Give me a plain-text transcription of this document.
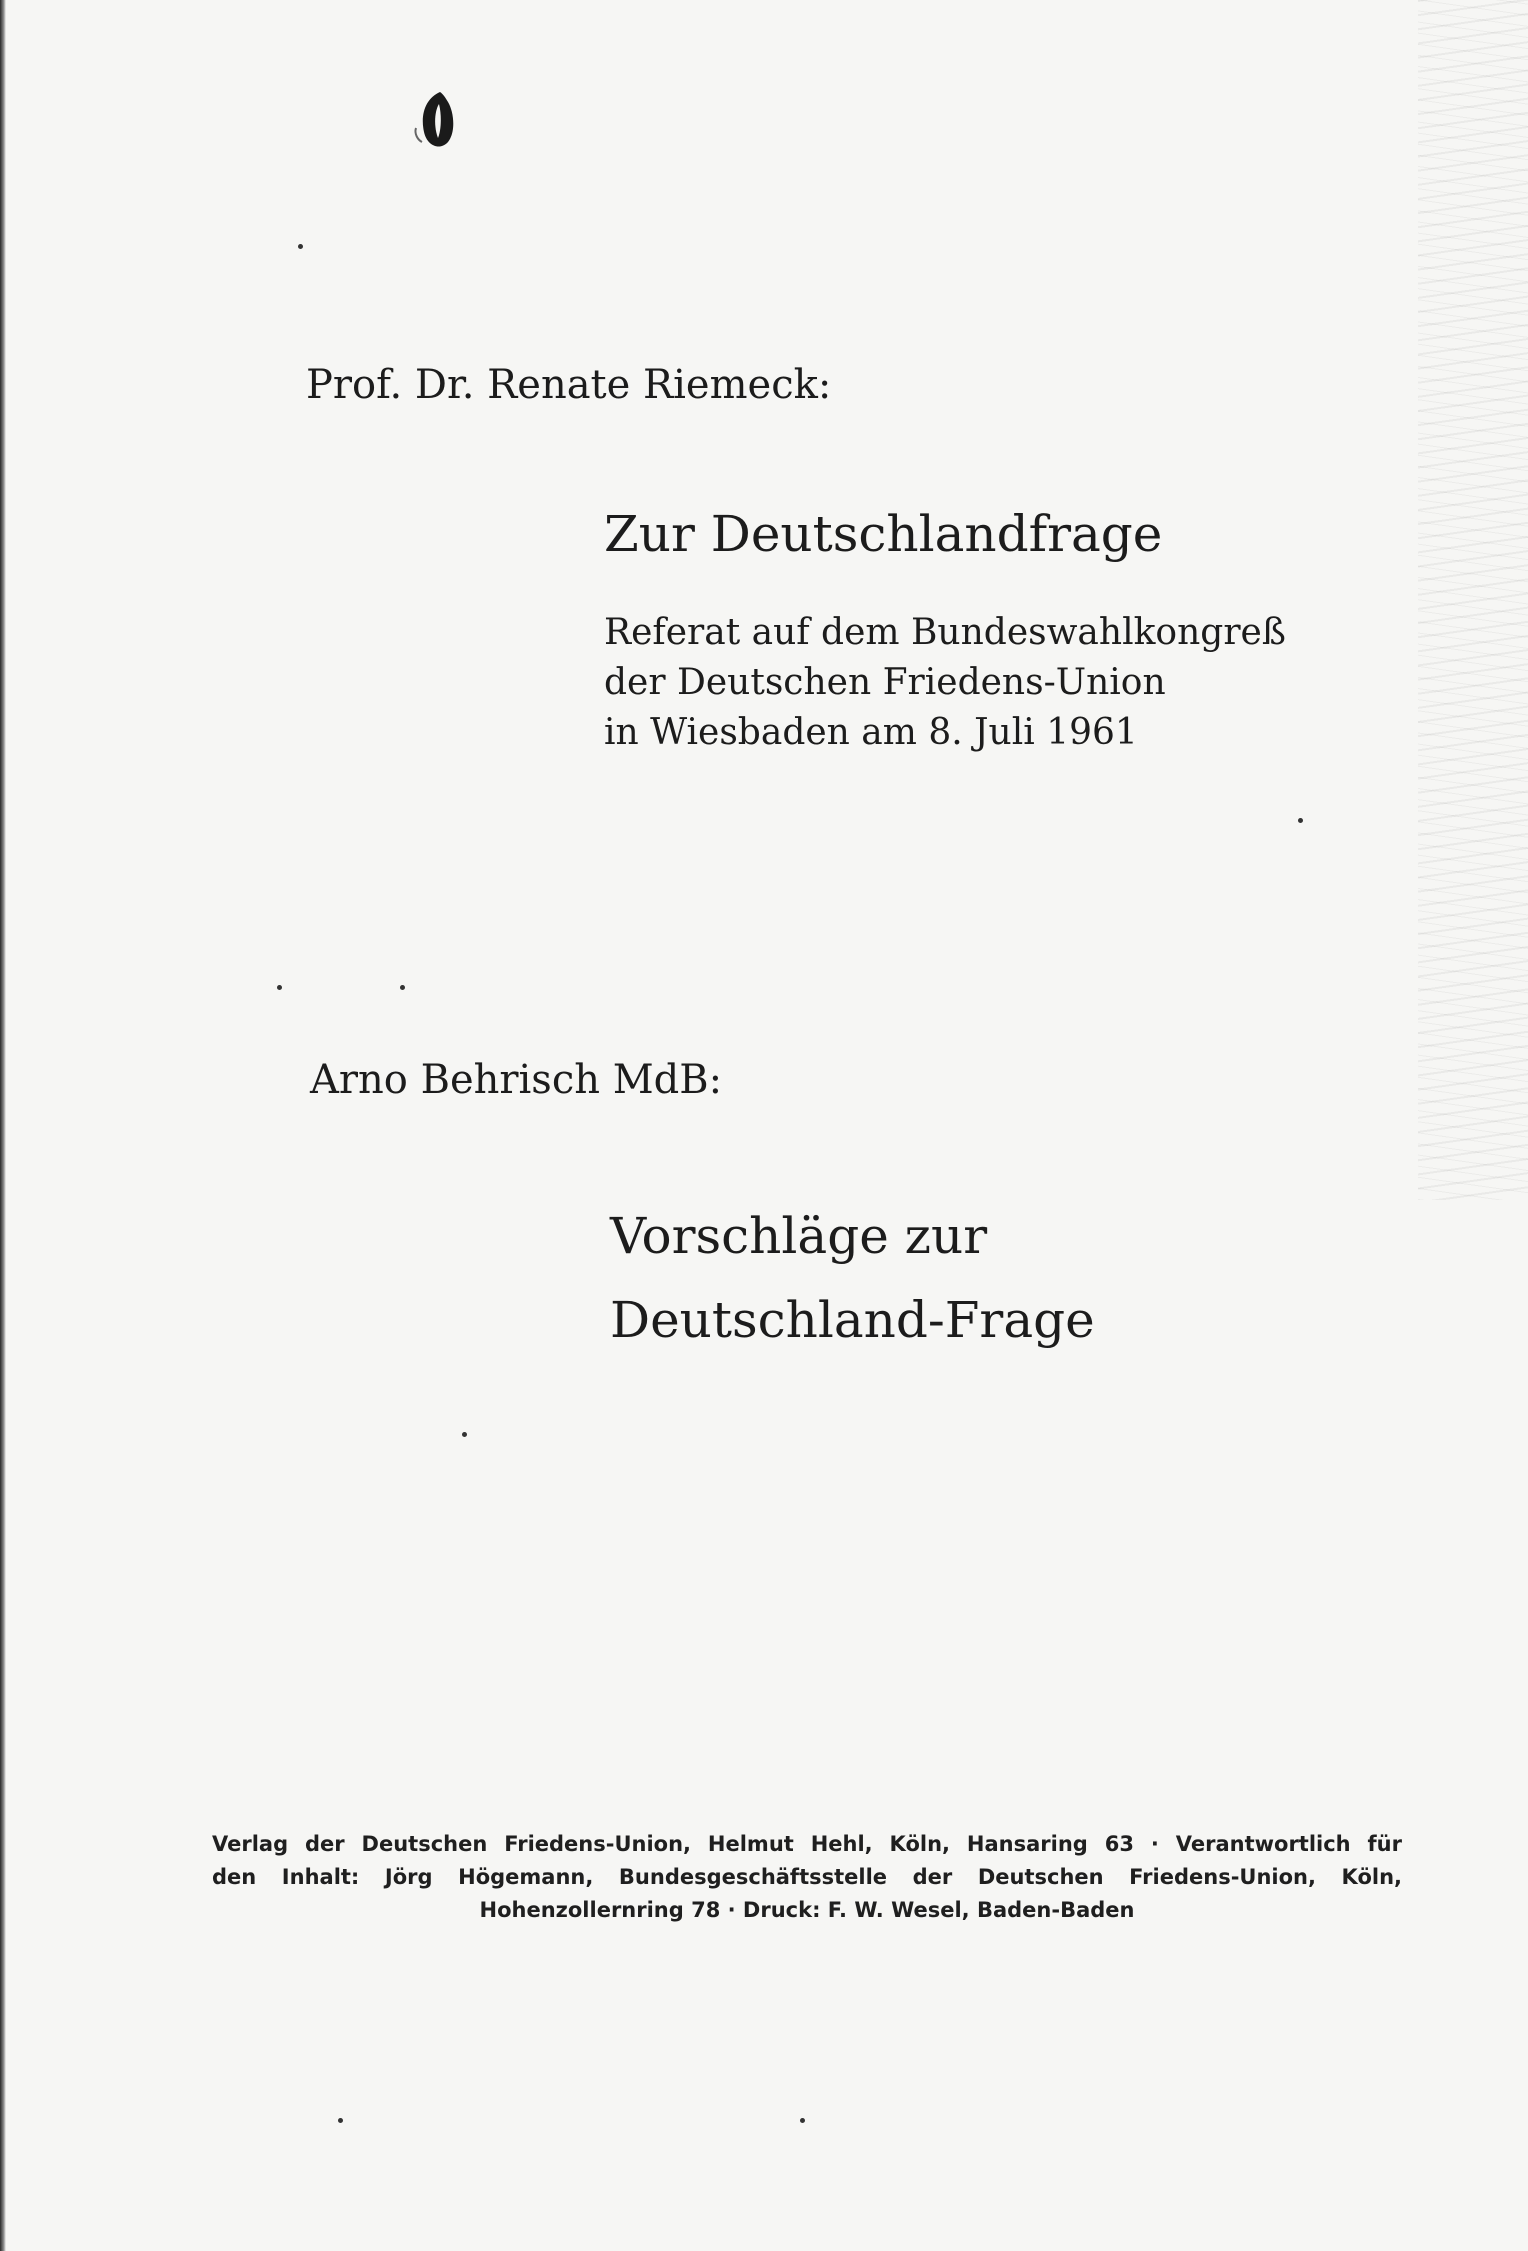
Prof. Dr. Renate Riemeck:
Zur Deutschlandfrage
Referat auf dem Bundeswahlkongreß
der Deutschen Friedens-Union
in Wiesbaden am 8. Juli 1961
Arno Behrisch MdB:
Vorschläge zur
Deutschland-Frage
Verlag der Deutschen Friedens-Union, Helmut Hehl, Köln, Hansaring 63 · Verantwortlich für
den Inhalt: Jörg Högemann, Bundesgeschäftsstelle der Deutschen Friedens-Union, Köln,
Hohenzollernring 78 · Druck: F. W. Wesel, Baden-Baden
